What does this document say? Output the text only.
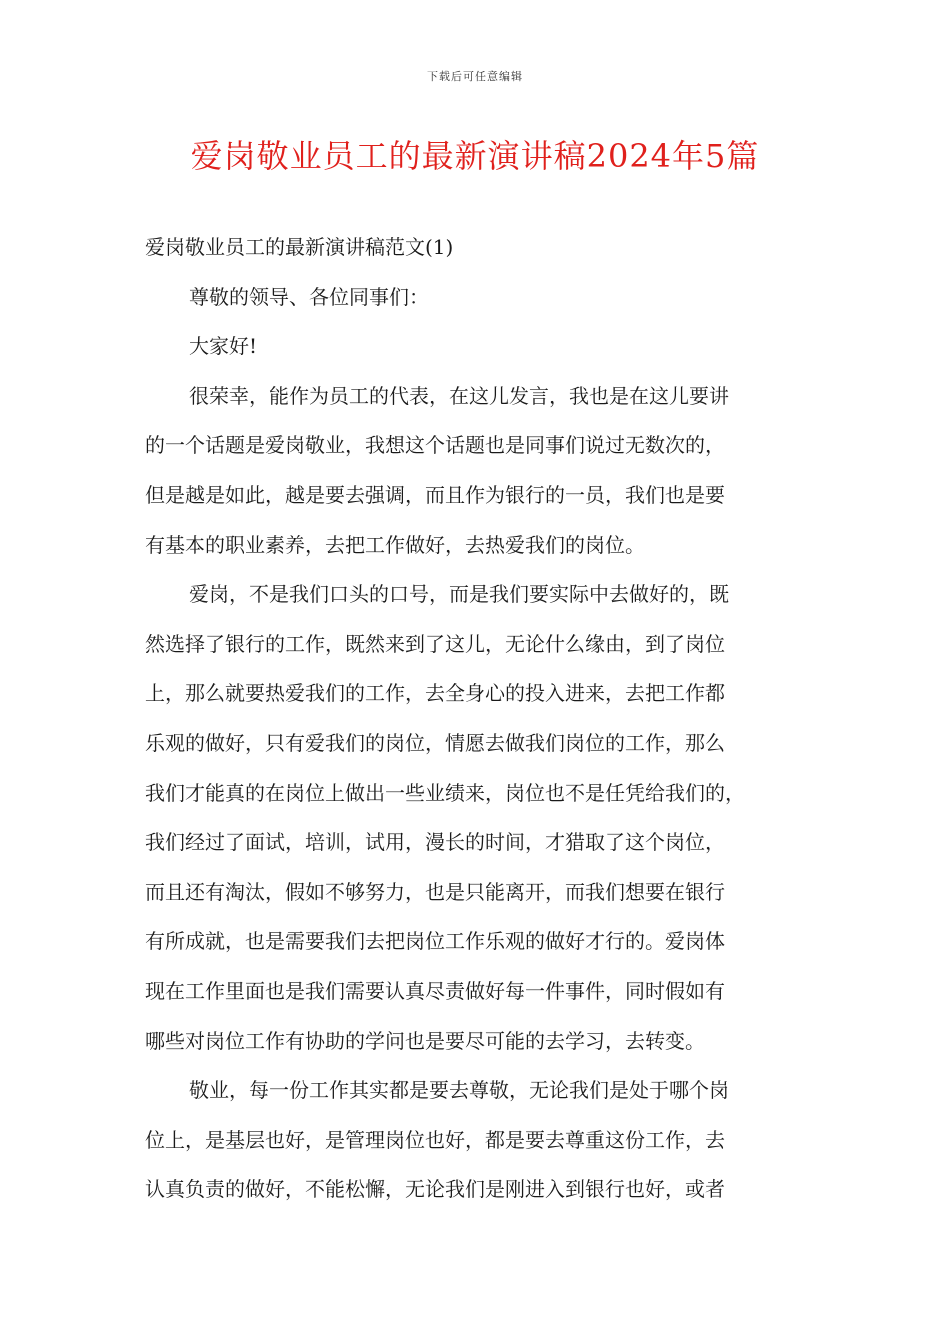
下载后可任意编辑
爱岗敬业员工的最新演讲稿2024年5篇

爱岗敬业员工的最新演讲稿范文(1)

尊敬的领导、各位同事们：

大家好!

很荣幸，能作为员工的代表，在这儿发言，我也是在这儿要讲
的一个话题是爱岗敬业，我想这个话题也是同事们说过无数次的，
但是越是如此，越是要去强调，而且作为银行的一员，我们也是要
有基本的职业素养，去把工作做好，去热爱我们的岗位。

爱岗，不是我们口头的口号，而是我们要实际中去做好的，既
然选择了银行的工作，既然来到了这儿，无论什么缘由，到了岗位
上，那么就要热爱我们的工作，去全身心的投入进来，去把工作都
乐观的做好，只有爱我们的岗位，情愿去做我们岗位的工作，那么
我们才能真的在岗位上做出一些业绩来，岗位也不是任凭给我们的，
我们经过了面试，培训，试用，漫长的时间，才猎取了这个岗位，
而且还有淘汰，假如不够努力，也是只能离开，而我们想要在银行
有所成就，也是需要我们去把岗位工作乐观的做好才行的。爱岗体
现在工作里面也是我们需要认真尽责做好每一件事件，同时假如有
哪些对岗位工作有协助的学问也是要尽可能的去学习，去转变。

敬业，每一份工作其实都是要去尊敬，无论我们是处于哪个岗
位上，是基层也好，是管理岗位也好，都是要去尊重这份工作，去
认真负责的做好，不能松懈，无论我们是刚进入到银行也好，或者
